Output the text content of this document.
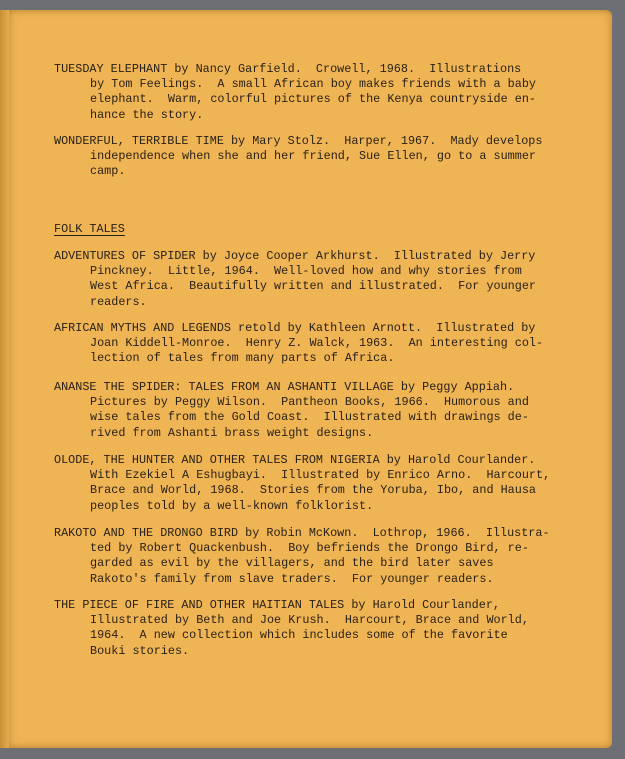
TUESDAY ELEPHANT by Nancy Garfield.  Crowell, 1968.  Illustrations
by Tom Feelings.  A small African boy makes friends with a baby
elephant.  Warm, colorful pictures of the Kenya countryside en-
hance the story.

WONDERFUL, TERRIBLE TIME by Mary Stolz.  Harper, 1967.  Mady develops
independence when she and her friend, Sue Ellen, go to a summer
camp.

FOLK TALES

ADVENTURES OF SPIDER by Joyce Cooper Arkhurst.  Illustrated by Jerry
Pinckney.  Little, 1964.  Well-loved how and why stories from
West Africa.  Beautifully written and illustrated.  For younger
readers.

AFRICAN MYTHS AND LEGENDS retold by Kathleen Arnott.  Illustrated by
Joan Kiddell-Monroe.  Henry Z. Walck, 1963.  An interesting col-
lection of tales from many parts of Africa.

ANANSE THE SPIDER: TALES FROM AN ASHANTI VILLAGE by Peggy Appiah.
Pictures by Peggy Wilson.  Pantheon Books, 1966.  Humorous and
wise tales from the Gold Coast.  Illustrated with drawings de-
rived from Ashanti brass weight designs.

OLODE, THE HUNTER AND OTHER TALES FROM NIGERIA by Harold Courlander.
With Ezekiel A Eshugbayi.  Illustrated by Enrico Arno.  Harcourt,
Brace and World, 1968.  Stories from the Yoruba, Ibo, and Hausa
peoples told by a well-known folklorist.

RAKOTO AND THE DRONGO BIRD by Robin McKown.  Lothrop, 1966.  Illustra-
ted by Robert Quackenbush.  Boy befriends the Drongo Bird, re-
garded as evil by the villagers, and the bird later saves
Rakoto's family from slave traders.  For younger readers.

THE PIECE OF FIRE AND OTHER HAITIAN TALES by Harold Courlander,
Illustrated by Beth and Joe Krush.  Harcourt, Brace and World,
1964.  A new collection which includes some of the favorite
Bouki stories.
